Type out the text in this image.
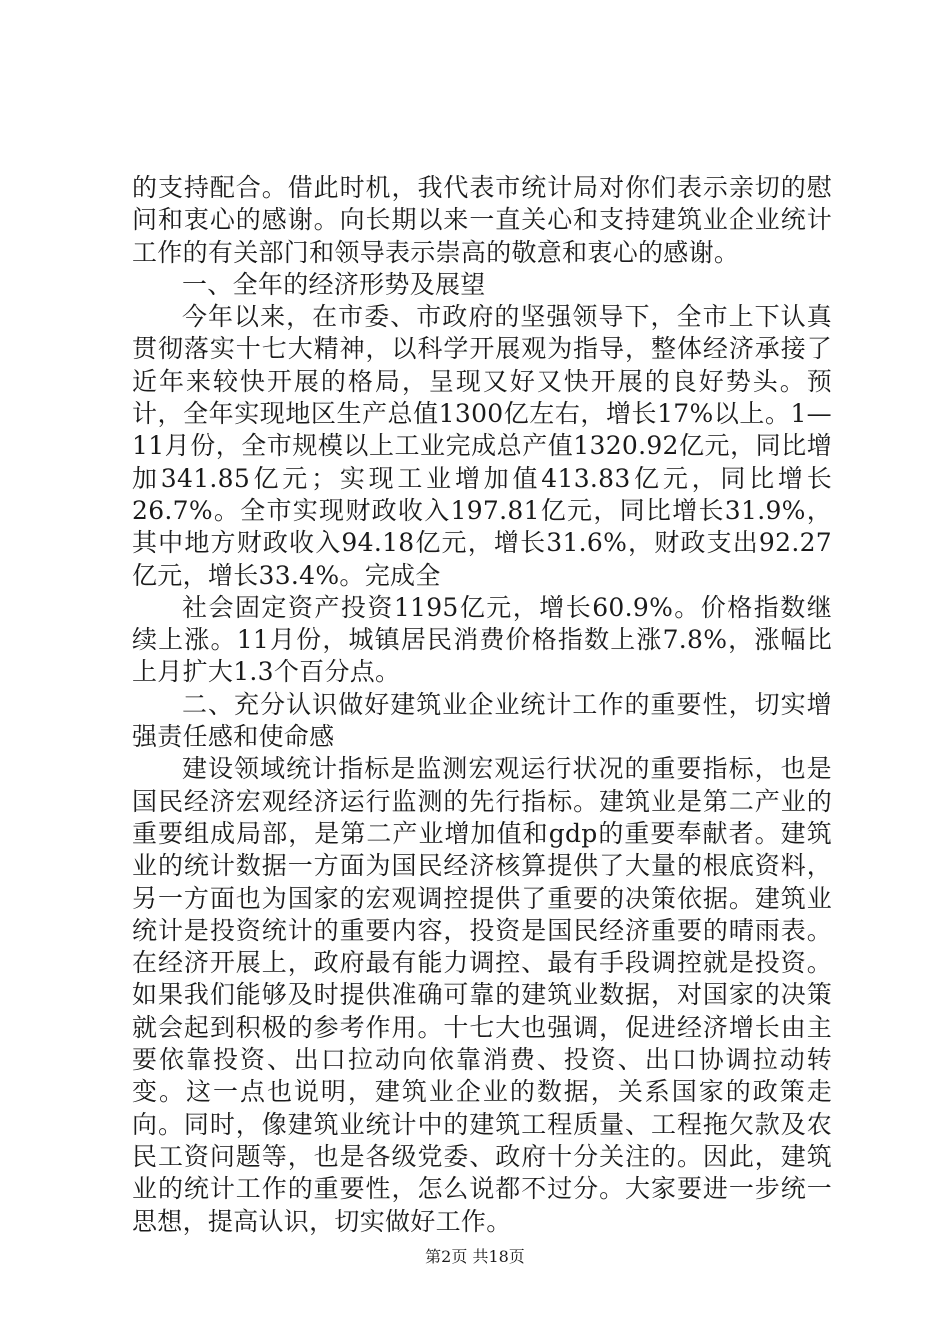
的支持配合。借此时机，我代表市统计局对你们表示亲切的慰问和衷心的感谢。向长期以来一直关心和支持建筑业企业统计工作的有关部门和领导表示崇高的敬意和衷心的感谢。

一、全年的经济形势及展望

今年以来，在市委、市政府的坚强领导下，全市上下认真贯彻落实十七大精神，以科学开展观为指导，整体经济承接了近年来较快开展的格局，呈现又好又快开展的良好势头。预计，全年实现地区生产总值1300亿左右，增长17%以上。1—11月份，全市规模以上工业完成总产值1320.92亿元，同比增加341.85亿元；实现工业增加值413.83亿元，同比增长26.7%。全市实现财政收入197.81亿元，同比增长31.9%，其中地方财政收入94.18亿元，增长31.6%，财政支出92.27亿元，增长33.4%。完成全

社会固定资产投资1195亿元，增长60.9%。价格指数继续上涨。11月份，城镇居民消费价格指数上涨7.8%，涨幅比上月扩大1.3个百分点。

二、充分认识做好建筑业企业统计工作的重要性，切实增强责任感和使命感

建设领域统计指标是监测宏观运行状况的重要指标，也是国民经济宏观经济运行监测的先行指标。建筑业是第二产业的重要组成局部，是第二产业增加值和gdp的重要奉献者。建筑业的统计数据一方面为国民经济核算提供了大量的根底资料，另一方面也为国家的宏观调控提供了重要的决策依据。建筑业统计是投资统计的重要内容，投资是国民经济重要的晴雨表。在经济开展上，政府最有能力调控、最有手段调控就是投资。如果我们能够及时提供准确可靠的建筑业数据，对国家的决策就会起到积极的参考作用。十七大也强调，促进经济增长由主要依靠投资、出口拉动向依靠消费、投资、出口协调拉动转变。这一点也说明，建筑业企业的数据，关系国家的政策走向。同时，像建筑业统计中的建筑工程质量、工程拖欠款及农民工资问题等，也是各级党委、政府十分关注的。因此，建筑业的统计工作的重要性，怎么说都不过分。大家要进一步统一思想，提高认识，切实做好工作。

第2页 共18页
